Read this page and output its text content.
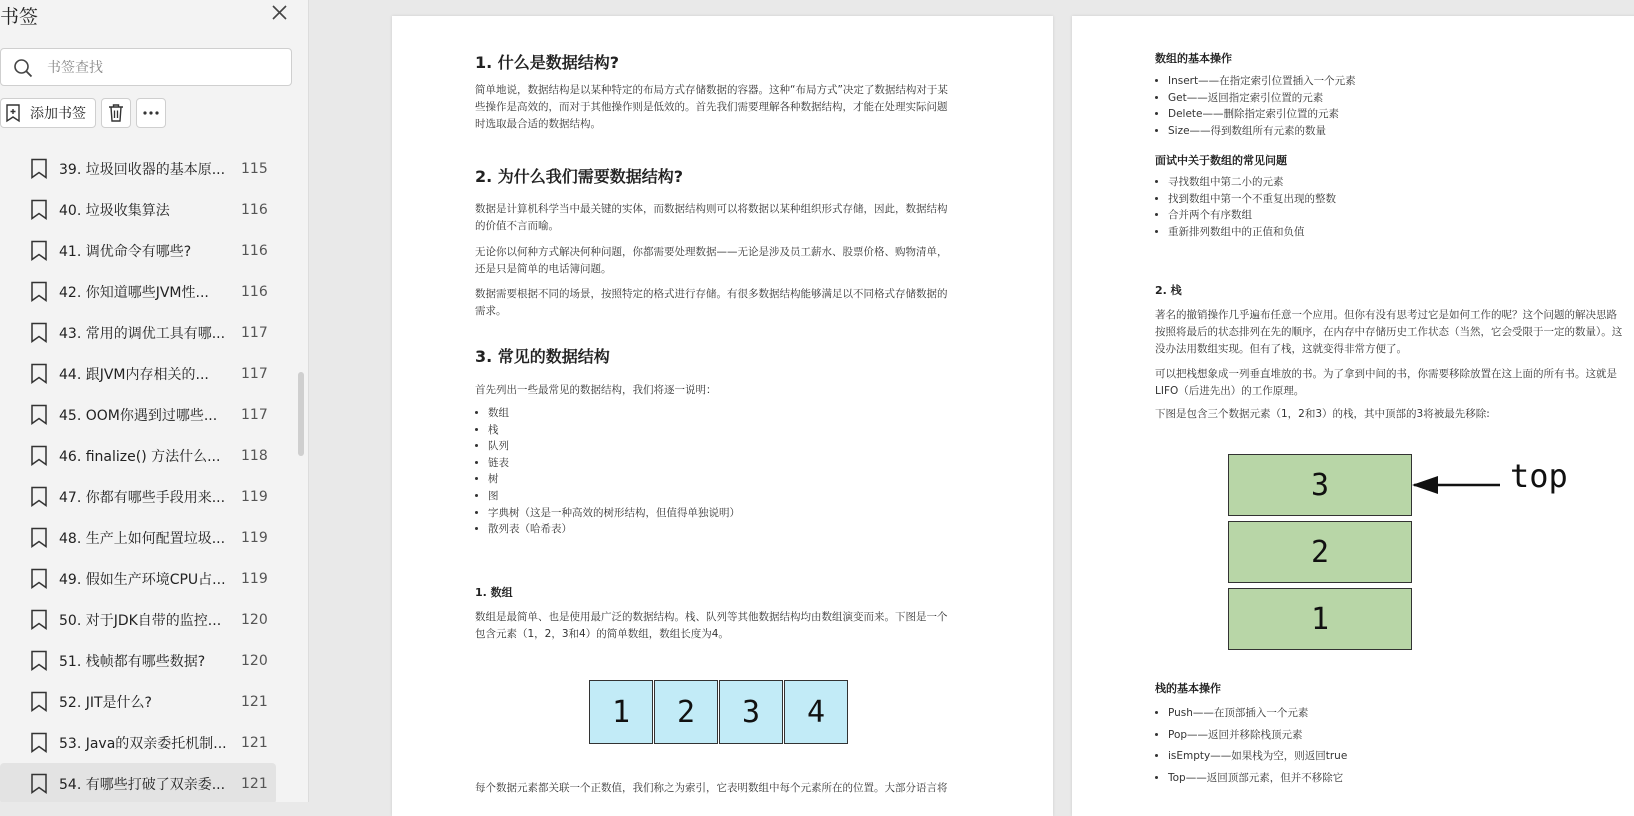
书签
书签查找
添加书签
39. 垃圾回收器的基本原... 115
40. 垃圾收集算法	116
41. 调优命令有哪些?	116
42. 你知道哪些JVM性...	116
43. 常用的调优工具有哪... 117
44. 跟JVM内存相关的...	117
45. OOM你遇到过哪些...	117
46. finalize() 方法什么...	118
47. 你都有哪些手段用来... 119
48. 生产上如何配置垃圾... 119
49. 假如生产环境CPU占... 119
50. 对于JDK自带的监控...	120
51. 栈帧都有哪些数据?	120
52. JIT是什么?	121
53. Java的双亲委托机制... 121
54. 有哪些打破了双亲委... 121
1. 什么是数据结构?
简单地说，数据结构是以某种特定的布局方式存储数据的容器。这种“布局方式”决定了数据结构对于某
些操作是高效的，而对于其他操作则是低效的。首先我们需要理解各种数据结构，才能在处理实际问题
时选取最合适的数据结构。
2. 为什么我们需要数据结构?
数据是计算机科学当中最关键的实体，而数据结构则可以将数据以某种组织形式存储，因此，数据结构
的价值不言而喻。
无论你以何种方式解决何种问题，你都需要处理数据——无论是涉及员工薪水、股票价格、购物清单，
还是只是简单的电话簿问题。
数据需要根据不同的场景，按照特定的格式进行存储。有很多数据结构能够满足以不同格式存储数据的
需求。
3. 常见的数据结构
首先列出一些最常见的数据结构，我们将逐一说明：
• 数组
• 栈
• 队列
• 链表
• 树
• 图
• 字典树（这是一种高效的树形结构，但值得单独说明）
• 散列表（哈希表）
1. 数组
数组是最简单、也是使用最广泛的数据结构。栈、队列等其他数据结构均由数组演变而来。下图是一个
包含元素（1，2，3和4）的简单数组，数组长度为4。
1	2	3	4
每个数据元素都关联一个正数值，我们称之为索引，它表明数组中每个元素所在的位置。大部分语言将
数组的基本操作
• Insert——在指定索引位置插入一个元素
• Get——返回指定索引位置的元素
• Delete——删除指定索引位置的元素
• Size——得到数组所有元素的数量
面试中关于数组的常见问题
• 寻找数组中第二小的元素
• 找到数组中第一个不重复出现的整数
• 合并两个有序数组
• 重新排列数组中的正值和负值
2. 栈
著名的撤销操作几乎遍布任意一个应用。但你有没有思考过它是如何工作的呢？这个问题的解决思路
按照将最后的状态排列在先的顺序，在内存中存储历史工作状态（当然，它会受限于一定的数量）。这
没办法用数组实现。但有了栈，这就变得非常方便了。
可以把栈想象成一列垂直堆放的书。为了拿到中间的书，你需要移除放置在这上面的所有书。这就是
LIFO（后进先出）的工作原理。
下图是包含三个数据元素（1，2和3）的栈，其中顶部的3将被最先移除:
3
2
1
top
栈的基本操作
• Push——在顶部插入一个元素
• Pop——返回并移除栈顶元素
• isEmpty——如果栈为空，则返回true
• Top——返回顶部元素，但并不移除它
